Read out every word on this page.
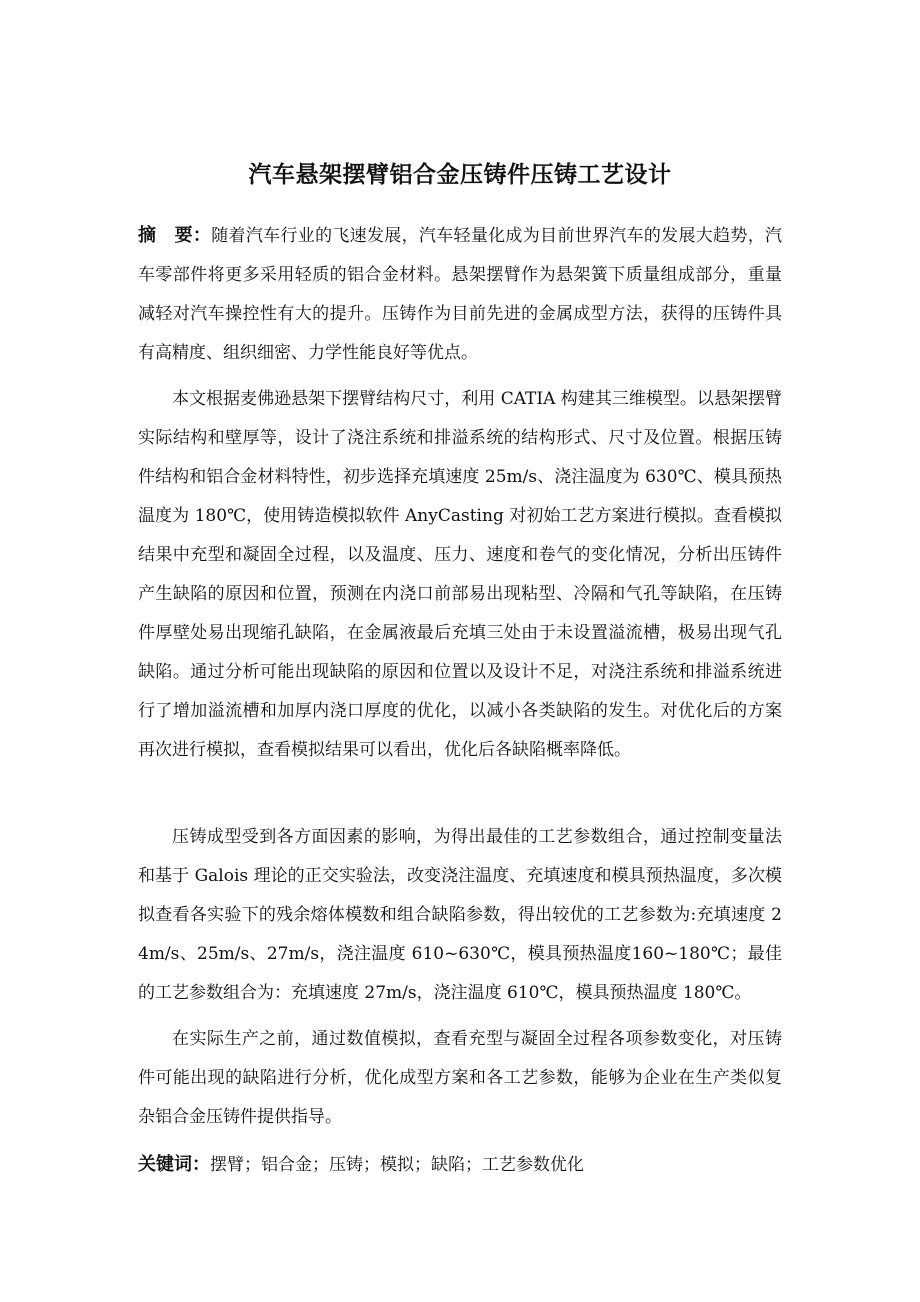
汽车悬架摆臂铝合金压铸件压铸工艺设计
摘　要：随着汽车行业的飞速发展，汽车轻量化成为目前世界汽车的发展大趋势，汽车零部件将更多采用轻质的铝合金材料。悬架摆臂作为悬架簧下质量组成部分，重量减轻对汽车操控性有大的提升。压铸作为目前先进的金属成型方法，获得的压铸件具有高精度、组织细密、力学性能良好等优点。
本文根据麦佛逊悬架下摆臂结构尺寸，利用 CATIA 构建其三维模型。以悬架摆臂实际结构和壁厚等，设计了浇注系统和排溢系统的结构形式、尺寸及位置。根据压铸件结构和铝合金材料特性，初步选择充填速度 25m/s、浇注温度为 630℃、模具预热温度为 180℃，使用铸造模拟软件 AnyCasting 对初始工艺方案进行模拟。查看模拟结果中充型和凝固全过程，以及温度、压力、速度和卷气的变化情况，分析出压铸件产生缺陷的原因和位置，预测在内浇口前部易出现粘型、冷隔和气孔等缺陷，在压铸件厚壁处易出现缩孔缺陷，在金属液最后充填三处由于未设置溢流槽，极易出现气孔缺陷。通过分析可能出现缺陷的原因和位置以及设计不足，对浇注系统和排溢系统进行了增加溢流槽和加厚内浇口厚度的优化，以减小各类缺陷的发生。对优化后的方案再次进行模拟，查看模拟结果可以看出，优化后各缺陷概率降低。
压铸成型受到各方面因素的影响，为得出最佳的工艺参数组合，通过控制变量法和基于 Galois 理论的正交实验法，改变浇注温度、充填速度和模具预热温度，多次模拟查看各实验下的残余熔体模数和组合缺陷参数，得出较优的工艺参数为:充填速度 24m/s、25m/s、27m/s，浇注温度 610~630℃，模具预热温度160~180℃；最佳的工艺参数组合为：充填速度 27m/s，浇注温度 610℃，模具预热温度 180℃。
在实际生产之前，通过数值模拟，查看充型与凝固全过程各项参数变化，对压铸件可能出现的缺陷进行分析，优化成型方案和各工艺参数，能够为企业在生产类似复杂铝合金压铸件提供指导。
关键词：摆臂；铝合金；压铸；模拟；缺陷；工艺参数优化
